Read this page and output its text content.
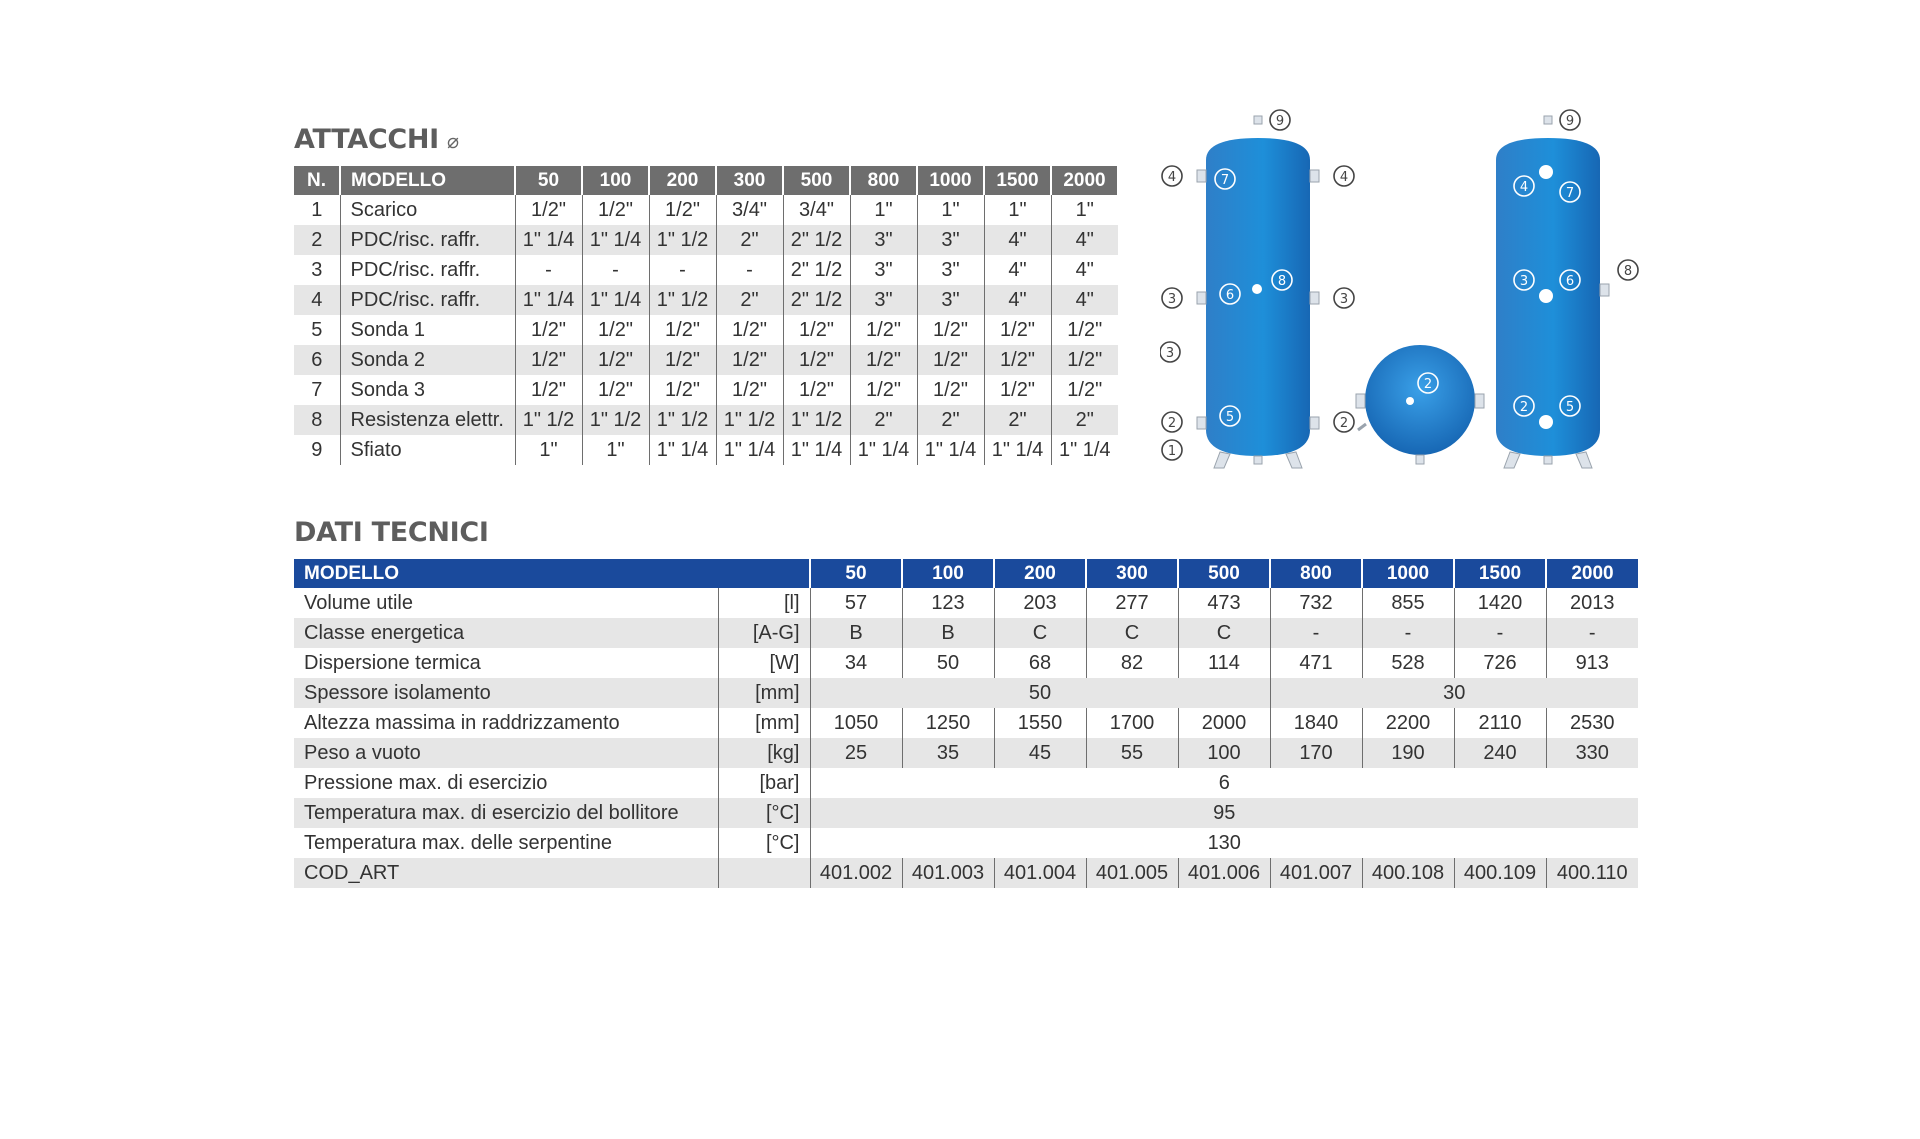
ATTACCHI ⌀
N.	MODELLO	50	100	200	300	500	800	1000	1500	2000
1	Scarico	1/2"	1/2"	1/2"	3/4"	3/4"	1"	1"	1"	1"
2	PDC/risc. raffr.	1" 1/4	1" 1/4	1" 1/2	2"	2" 1/2	3"	3"	4"	4"
3	PDC/risc. raffr.	-	-	-	-	2" 1/2	3"	3"	4"	4"
4	PDC/risc. raffr.	1" 1/4	1" 1/4	1" 1/2	2"	2" 1/2	3"	3"	4"	4"
5	Sonda 1	1/2"	1/2"	1/2"	1/2"	1/2"	1/2"	1/2"	1/2"	1/2"
6	Sonda 2	1/2"	1/2"	1/2"	1/2"	1/2"	1/2"	1/2"	1/2"	1/2"
7	Sonda 3	1/2"	1/2"	1/2"	1/2"	1/2"	1/2"	1/2"	1/2"	1/2"
8	Resistenza elettr.	1" 1/2	1" 1/2	1" 1/2	1" 1/2	1" 1/2	2"	2"	2"	2"
9	Sfiato	1"	1"	1" 1/4	1" 1/4	1" 1/4	1" 1/4	1" 1/4	1" 1/4	1" 1/4
9
4	7	4
3	6
8
3
3
2	5	2
1
2
9
4	7
3	6
8
2	5
DATI TECNICI
MODELLO		50	100	200	300	500	800	1000	1500	2000
Volume utile	[l]	57	123	203	277	473	732	855	1420	2013
Classe energetica	[A-G]	B	B	C	C	C	-	-	-	-
Dispersione termica	[W]	34	50	68	82	114	471	528	726	913
Spessore isolamento	[mm]	50					30			
Altezza massima in raddrizzamento	[mm]	1050	1250	1550	1700	2000	1840	2200	2110	2530
Peso a vuoto	[kg]	25	35	45	55	100	170	190	240	330
Pressione max. di esercizio	[bar]	6								
Temperatura max. di esercizio del bollitore	[°C]	95								
Temperatura max. delle serpentine	[°C]	130								
COD_ART		401.002	401.003	401.004	401.005	401.006	401.007	400.108	400.109	400.110
